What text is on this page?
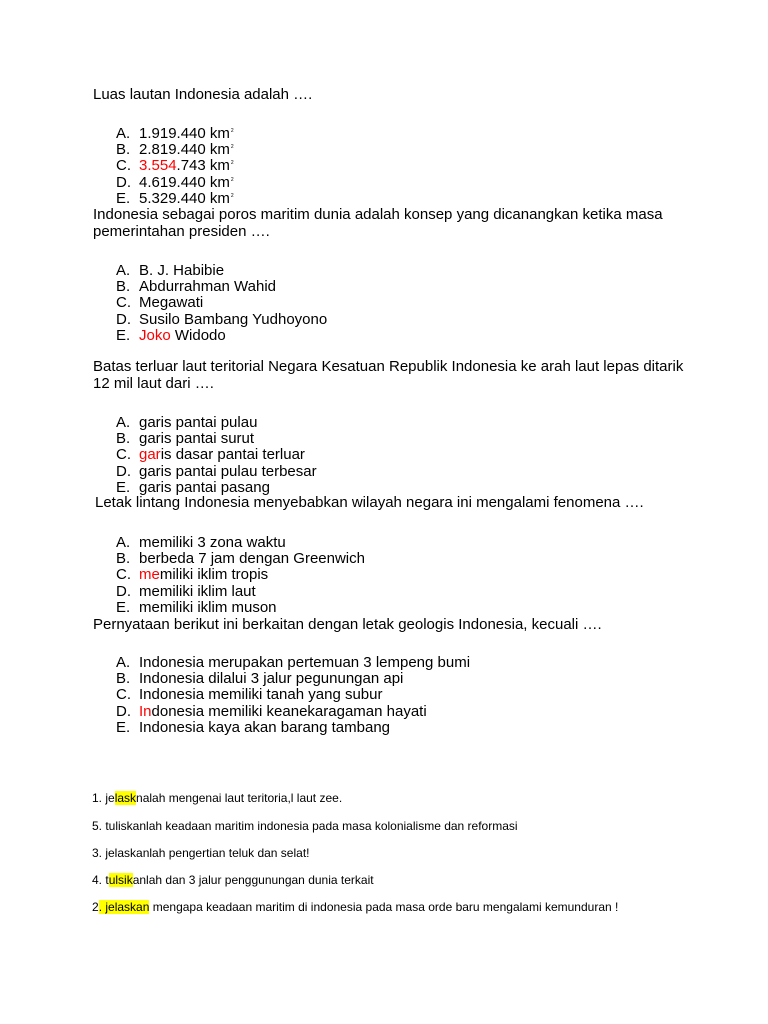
Luas lautan Indonesia adalah ….

A. 1.919.440 $km^2$
B. 2.819.440 $km^2$
C. 3.554.743 $km^2$
D. 4.619.440 $km^2$
E. 5.329.440 $km^2$

Indonesia sebagai poros maritim dunia adalah konsep yang dicanangkan ketika masa pemerintahan presiden ….

A. B. J. Habibie
B. Abdurrahman Wahid
C. Megawati
D. Susilo Bambang Yudhoyono
E. Joko Widodo

Batas terluar laut teritorial Negara Kesatuan Republik Indonesia ke arah laut lepas ditarik 12 mil laut dari ….

A. garis pantai pulau
B. garis pantai surut
C. garis dasar pantai terluar
D. garis pantai pulau terbesar
E. garis pantai pasang

Letak lintang Indonesia menyebabkan wilayah negara ini mengalami fenomena ….

A. memiliki 3 zona waktu
B. berbeda 7 jam dengan Greenwich
C. memiliki iklim tropis
D. memiliki iklim laut
E. memiliki iklim muson

Pernyataan berikut ini berkaitan dengan letak geologis Indonesia, kecuali ….

A. Indonesia merupakan pertemuan 3 lempeng bumi
B. Indonesia dilalui 3 jalur pegunungan api
C. Indonesia memiliki tanah yang subur
D. Indonesia memiliki keanekaragaman hayati
E. Indonesia kaya akan barang tambang
1. jelasknalah mengenai laut teritoria,l laut zee.
5. tuliskanlah keadaan maritim indonesia pada masa kolonialisme dan reformasi
3. jelaskanlah pengertian teluk dan selat!
4. tulsikanlah dan 3 jalur penggunungan dunia terkait
2. jelaskan mengapa keadaan maritim di indonesia pada masa orde baru mengalami kemunduran !
